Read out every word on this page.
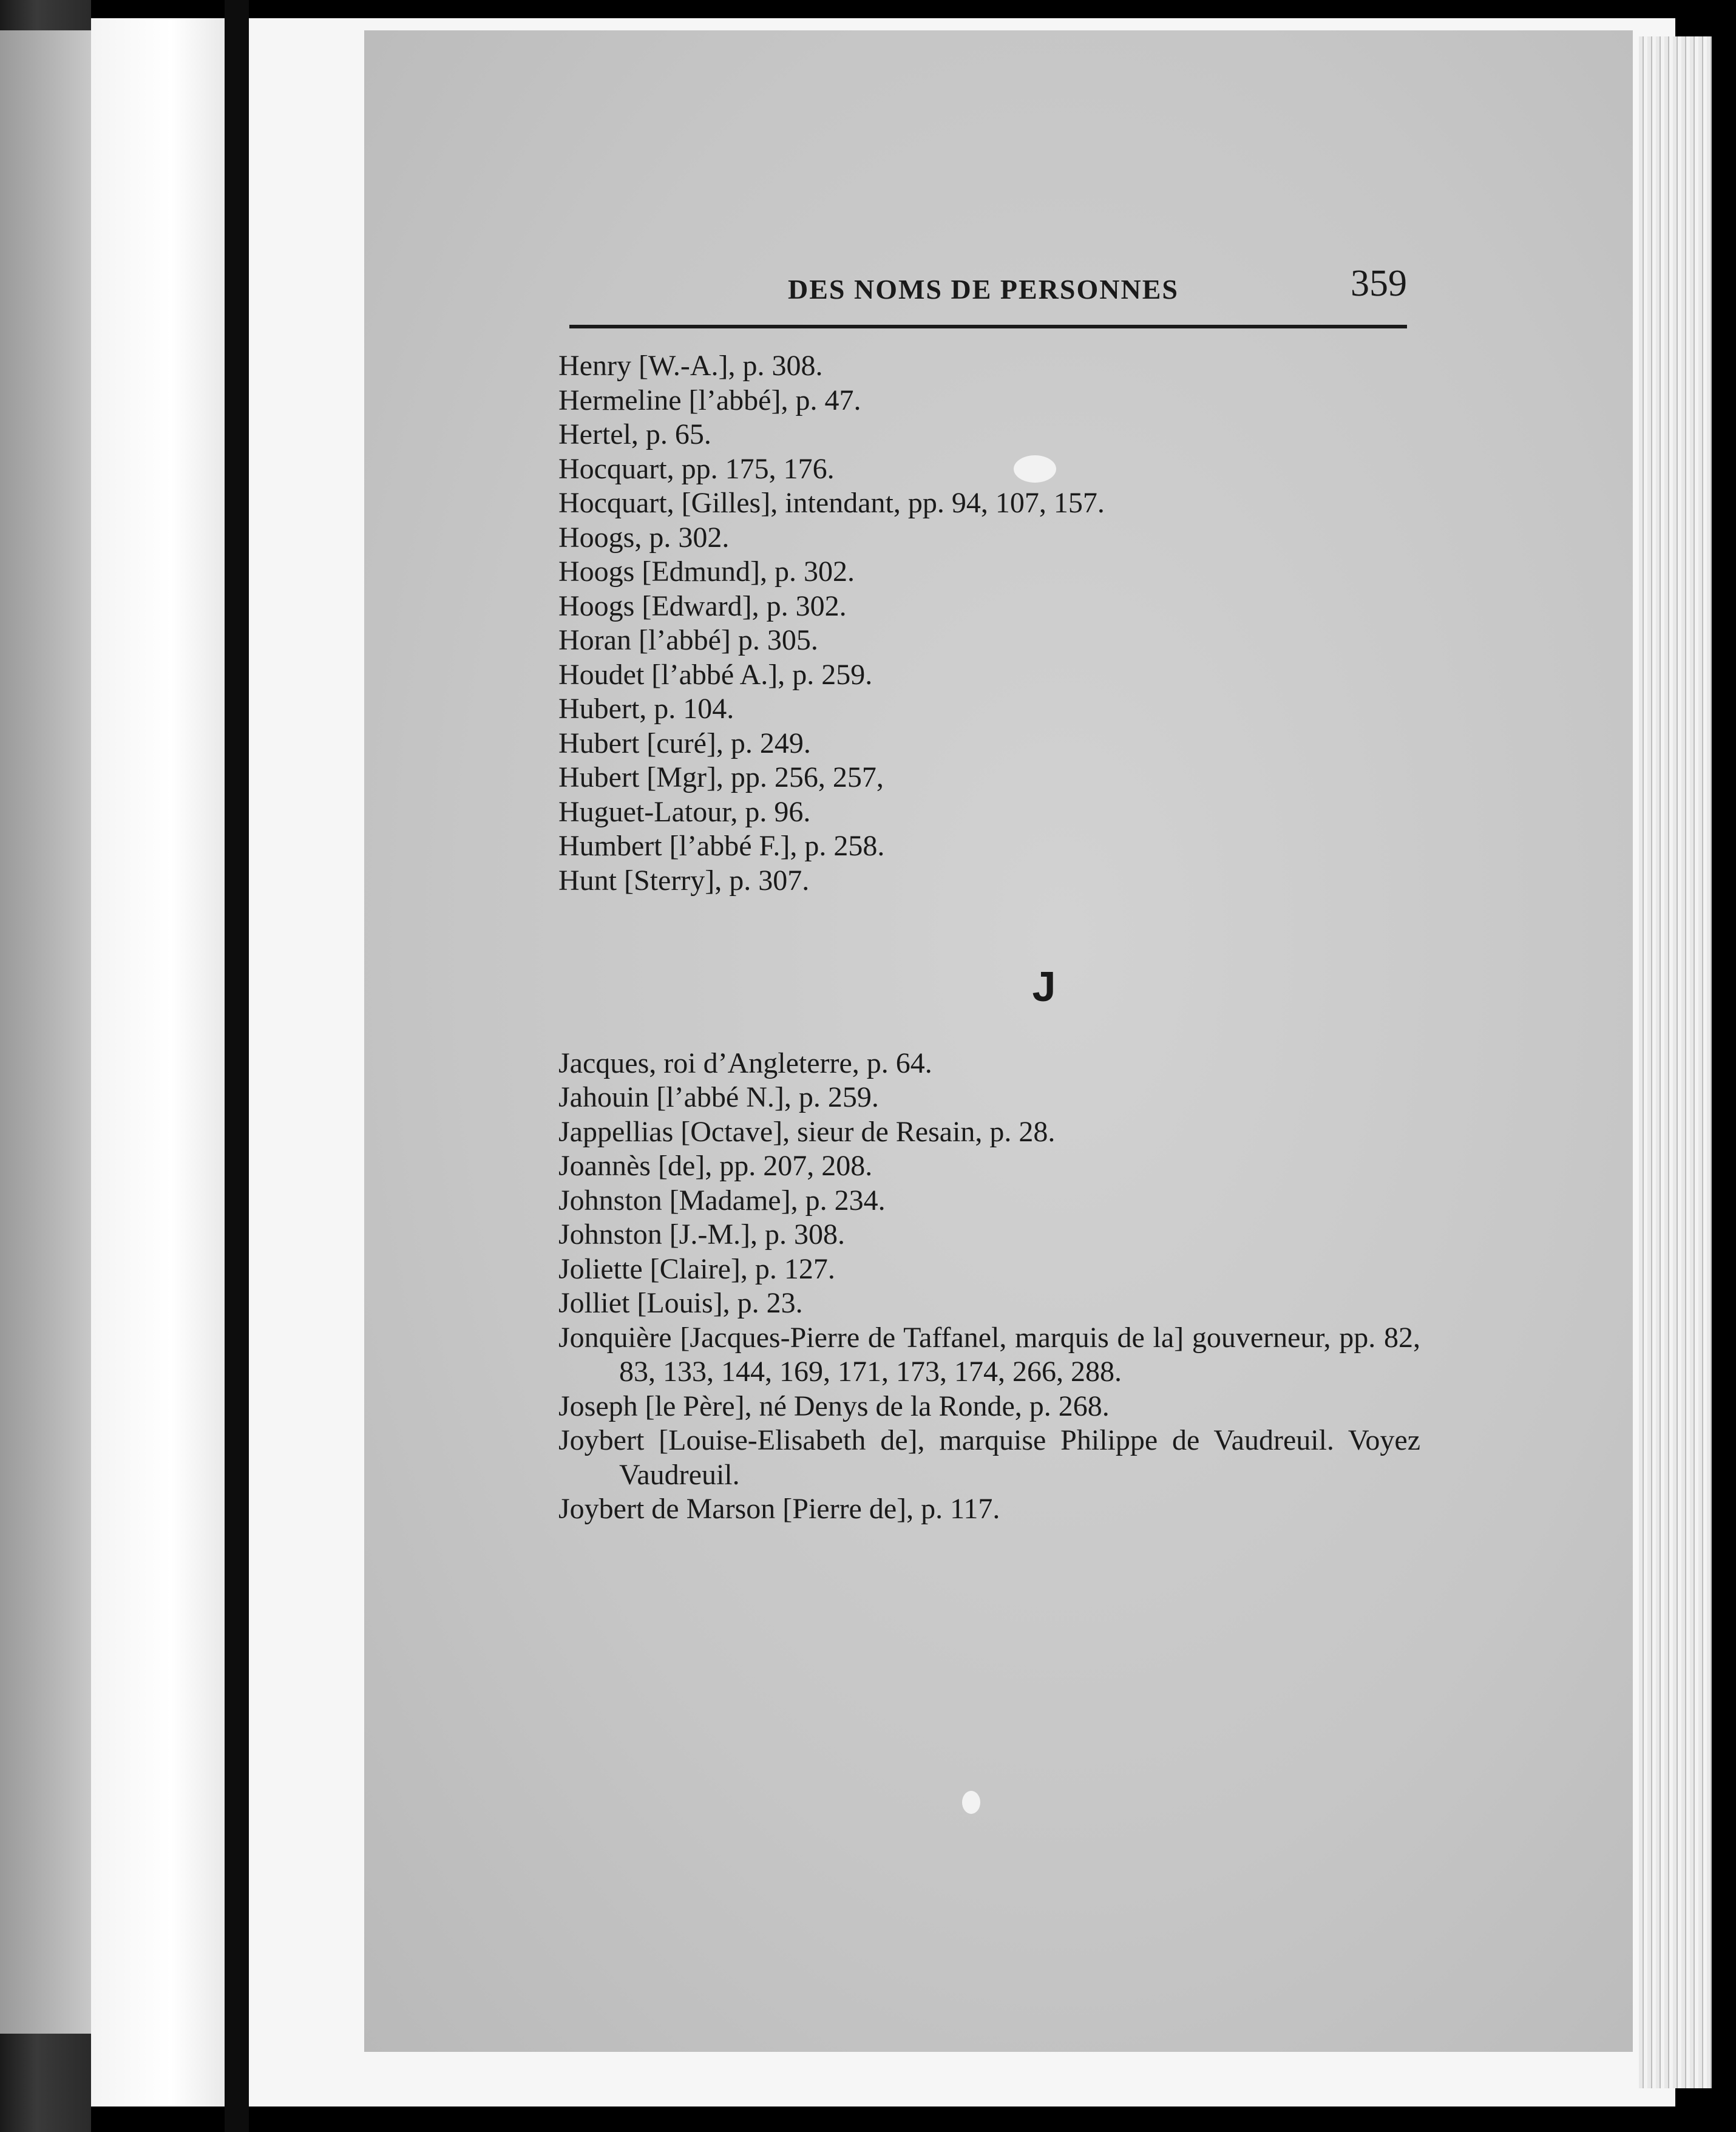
DES NOMS DE PERSONNES	359
Henry [W.-A.], p. 308.
Hermeline [l’abbé], p. 47.
Hertel, p. 65.
Hocquart, pp. 175, 176.
Hocquart, [Gilles], intendant, pp. 94, 107, 157.
Hoogs, p. 302.
Hoogs [Edmund], p. 302.
Hoogs [Edward], p. 302.
Horan [l’abbé] p. 305.
Houdet [l’abbé A.], p. 259.
Hubert, p. 104.
Hubert [curé], p. 249.
Hubert [Mgr], pp. 256, 257,
Huguet-Latour, p. 96.
Humbert [l’abbé F.], p. 258.
Hunt [Sterry], p. 307.
J
Jacques, roi d’Angleterre, p. 64.
Jahouin [l’abbé N.], p. 259.
Jappellias [Octave], sieur de Resain, p. 28.
Joannès [de], pp. 207, 208.
Johnston [Madame], p. 234.
Johnston [J.-M.], p. 308.
Joliette [Claire], p. 127.
Jolliet [Louis], p. 23.
Jonquière [Jacques-Pierre de Taffanel, marquis de la] gouverneur, pp. 82, 83, 133, 144, 169, 171, 173, 174, 266, 288.
Joseph [le Père], né Denys de la Ronde, p. 268.
Joybert [Louise-Elisabeth de], marquise Philippe de Vaudreuil. Voyez Vaudreuil.
Joybert de Marson [Pierre de], p. 117.
